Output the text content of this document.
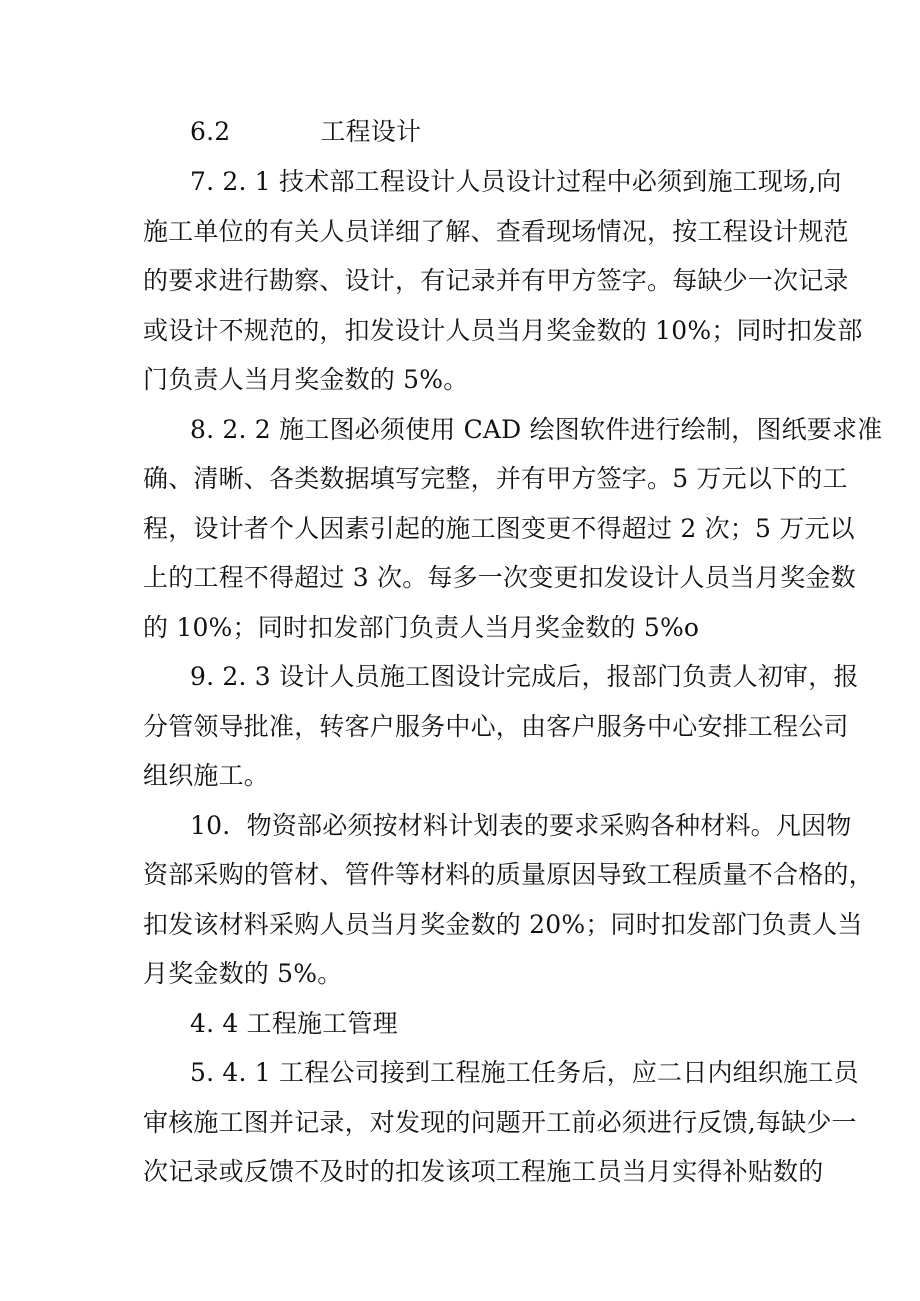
6.2		工程设计
7. 2. 1 技术部工程设计人员设计过程中必须到施工现场,向
施工单位的有关人员详细了解、查看现场情况，按工程设计规范
的要求进行勘察、设计，有记录并有甲方签字。每缺少一次记录
或设计不规范的，扣发设计人员当月奖金数的 10%；同时扣发部
门负责人当月奖金数的 5%。
8. 2. 2 施工图必须使用 CAD 绘图软件进行绘制，图纸要求准
确、清晰、各类数据填写完整，并有甲方签字。5 万元以下的工
程，设计者个人因素引起的施工图变更不得超过 2 次；5 万元以
上的工程不得超过 3 次。每多一次变更扣发设计人员当月奖金数
的 10%；同时扣发部门负责人当月奖金数的 5%o
9. 2. 3 设计人员施工图设计完成后，报部门负责人初审，报
分管领导批准，转客户服务中心，由客户服务中心安排工程公司
组织施工。
10.  物资部必须按材料计划表的要求采购各种材料。凡因物
资部采购的管材、管件等材料的质量原因导致工程质量不合格的，
扣发该材料采购人员当月奖金数的 20%；同时扣发部门负责人当
月奖金数的 5%。
4. 4 工程施工管理
5. 4. 1 工程公司接到工程施工任务后，应二日内组织施工员
审核施工图并记录，对发现的问题开工前必须进行反馈,每缺少一
次记录或反馈不及时的扣发该项工程施工员当月实得补贴数的
